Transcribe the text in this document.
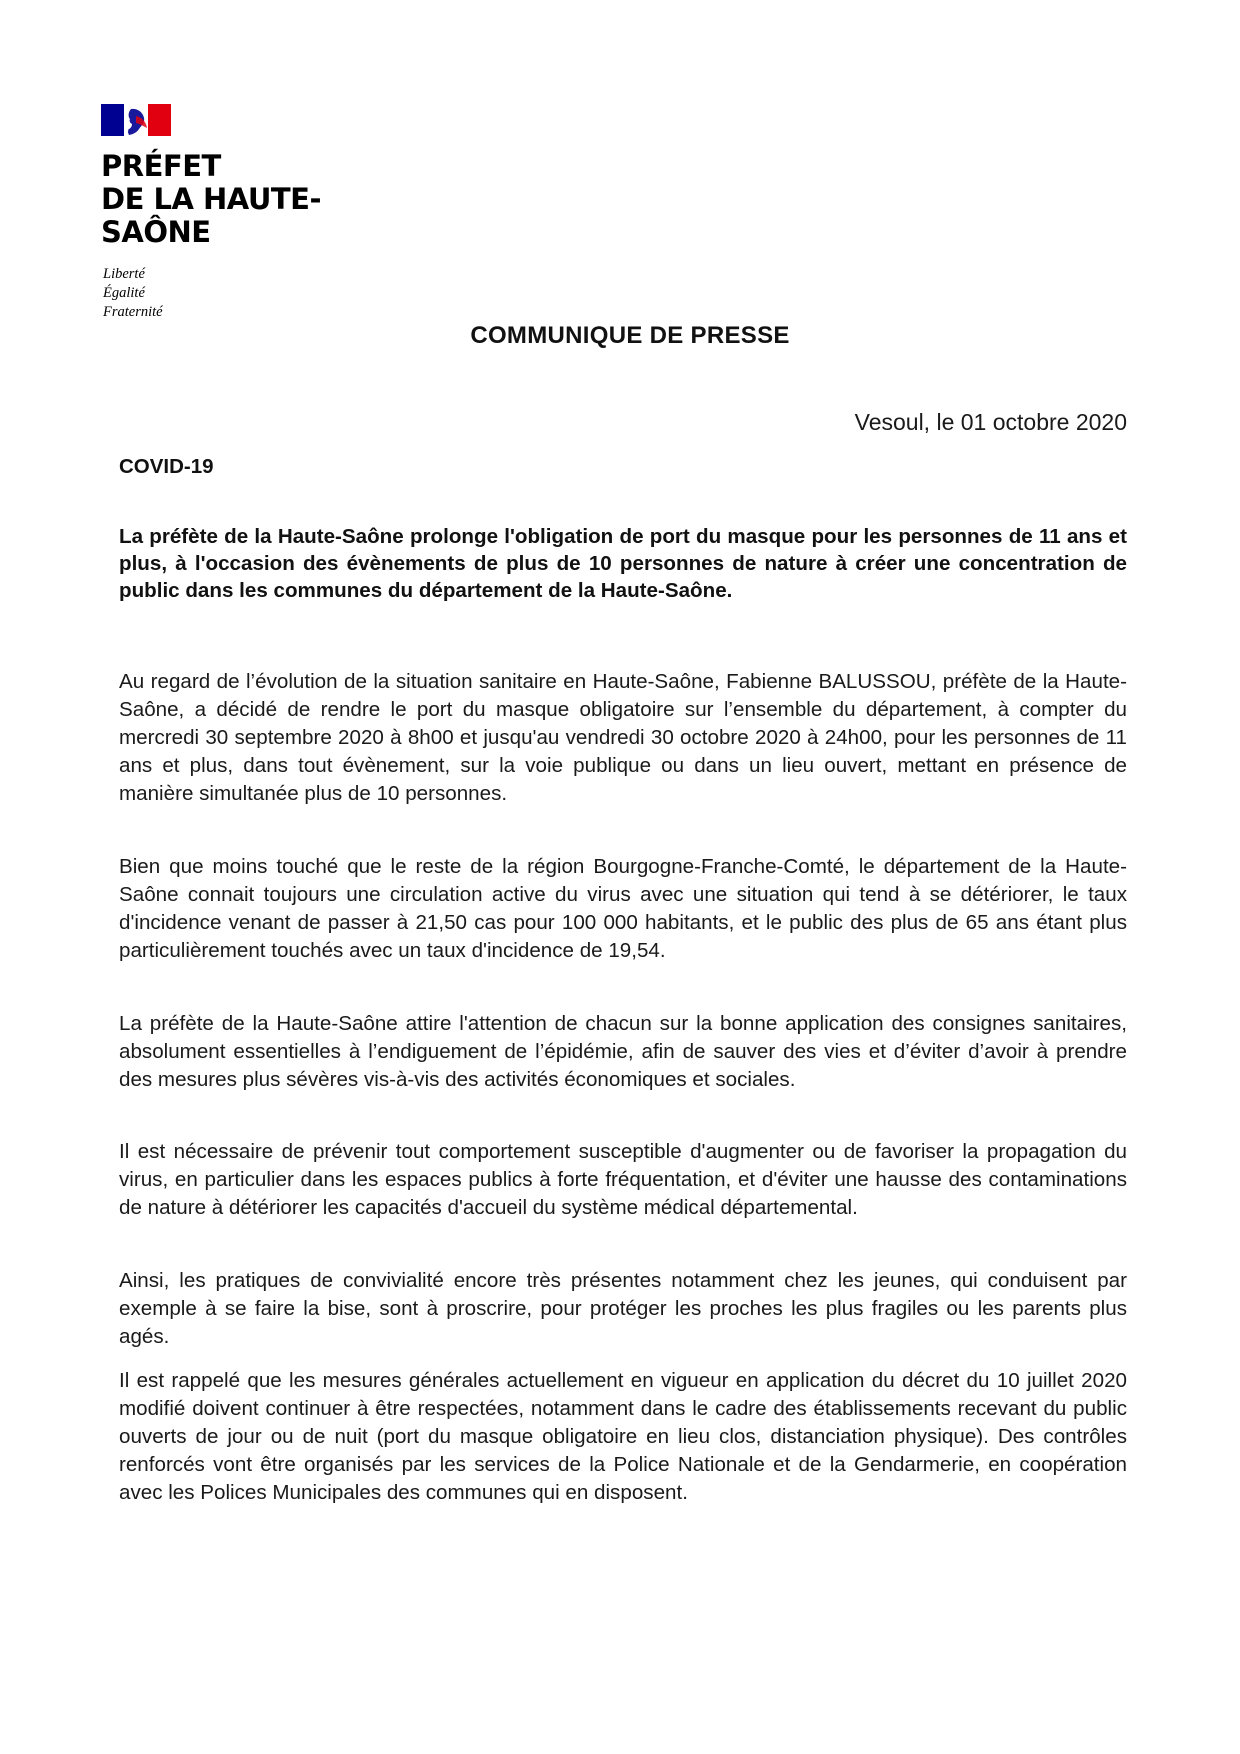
PRÉFET
DE LA HAUTE-
SAÔNE
Liberté
Égalité
Fraternité
COMMUNIQUE DE PRESSE
Vesoul, le 01 octobre 2020
COVID-19
La préfète de la Haute-Saône prolonge l'obligation de port du masque pour les personnes de 11 ans et plus, à l'occasion des évènements de plus de 10 personnes de nature à créer une concentration de public dans les communes du département de la Haute-Saône.
Au regard de l’évolution de la situation sanitaire en Haute-Saône, Fabienne BALUSSOU, préfète de la Haute-Saône, a décidé de rendre le port du masque obligatoire sur l’ensemble du département, à compter du mercredi 30 septembre 2020 à 8h00 et jusqu'au vendredi 30 octobre 2020 à 24h00, pour les personnes de 11 ans et plus, dans tout évènement, sur la voie publique ou dans un lieu ouvert, mettant en présence de manière simultanée plus de 10 personnes.
Bien que moins touché que le reste de la région Bourgogne-Franche-Comté, le département de la Haute-Saône connait toujours une circulation active du virus avec une situation qui tend à se détériorer, le taux d'incidence venant de passer à 21,50 cas pour 100 000 habitants, et le public des plus de 65 ans étant plus particulièrement touchés avec un taux d'incidence de 19,54.
La préfète de la Haute-Saône attire l'attention de chacun sur la bonne application des consignes sanitaires, absolument essentielles à l’endiguement de l’épidémie, afin de sauver des vies et d’éviter d’avoir à prendre des mesures plus sévères vis-à-vis des activités économiques et sociales.
Il est nécessaire de prévenir tout comportement susceptible d'augmenter ou de favoriser la propagation du virus, en particulier dans les espaces publics à forte fréquentation, et d'éviter une hausse des contaminations de nature à détériorer les capacités d'accueil du système médical départemental.
Ainsi, les pratiques de convivialité encore très présentes notamment chez les jeunes, qui conduisent par exemple à se faire la bise, sont à proscrire, pour protéger les proches les plus fragiles ou les parents plus agés.
Il est rappelé que les mesures générales actuellement en vigueur en application du décret du 10 juillet 2020 modifié doivent continuer à être respectées, notamment dans le cadre des établissements recevant du public ouverts de jour ou de nuit (port du masque obligatoire en lieu clos, distanciation physique). Des contrôles renforcés vont être organisés par les services de la Police Nationale et de la Gendarmerie, en coopération avec les Polices Municipales des communes qui en disposent.
